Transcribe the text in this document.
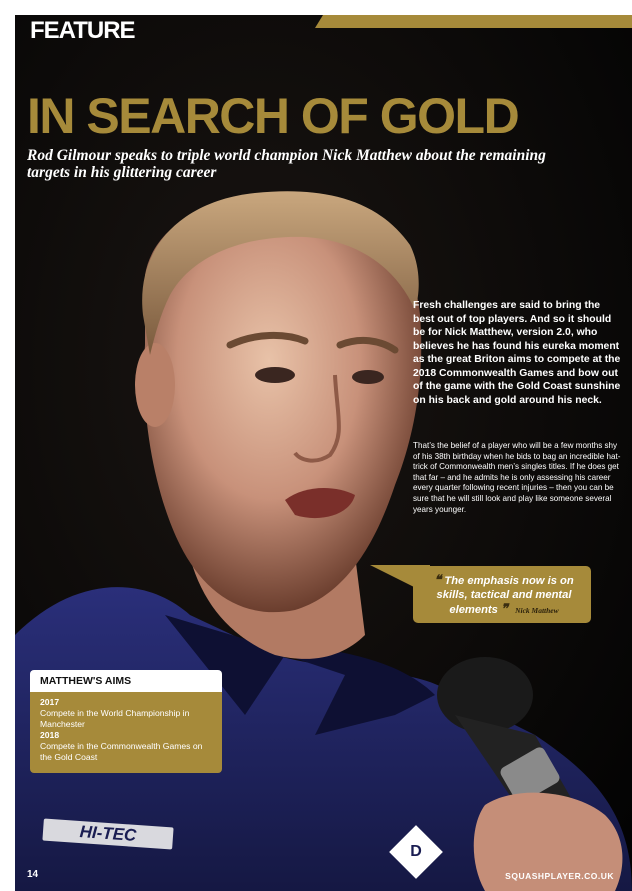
FEATURE
IN SEARCH OF GOLD
Rod Gilmour speaks to triple world champion Nick Matthew about the remaining targets in his glittering career
Fresh challenges are said to bring the best out of top players. And so it should be for Nick Matthew, version 2.0, who believes he has found his eureka moment as the great Briton aims to compete at the 2018 Commonwealth Games and bow out of the game with the Gold Coast sunshine on his back and gold around his neck.
That’s the belief of a player who will be a few months shy of his 38th birthday when he bids to bag an incredible hat-trick of Commonwealth men’s singles titles. If he does get that far – and he admits he is only assessing his career every quarter following recent injuries – then you can be sure that he will still look and play like someone several years younger.
❝ The emphasis now is on skills, tactical and mental elements ❞ Nick Matthew
MATTHEW'S AIMS
2017
Compete in the World Championship in Manchester
2018
Compete in the Commonwealth Games on the Gold Coast
HI-TEC
D
14	SQUASHPLAYER.CO.UK
